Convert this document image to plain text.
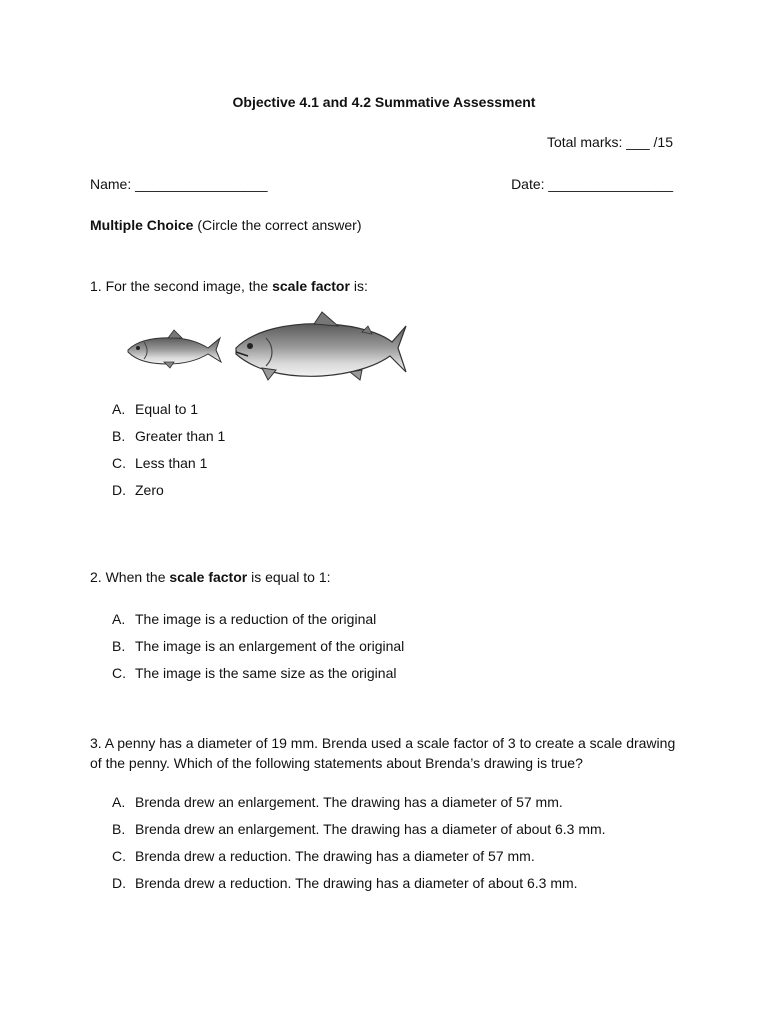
Objective 4.1 and 4.2 Summative Assessment
Total marks: ___ /15
Name: _________________	Date: ________________
Multiple Choice (Circle the correct answer)
1. For the second image, the scale factor is:
A. Equal to 1
B. Greater than 1
C. Less than 1
D. Zero
2. When the scale factor is equal to 1:
A. The image is a reduction of the original
B. The image is an enlargement of the original
C. The image is the same size as the original
3. A penny has a diameter of 19 mm. Brenda used a scale factor of 3 to create a scale drawing of the penny. Which of the following statements about Brenda’s drawing is true?
A. Brenda drew an enlargement. The drawing has a diameter of 57 mm.
B. Brenda drew an enlargement. The drawing has a diameter of about 6.3 mm.
C. Brenda drew a reduction. The drawing has a diameter of 57 mm.
D. Brenda drew a reduction. The drawing has a diameter of about 6.3 mm.
